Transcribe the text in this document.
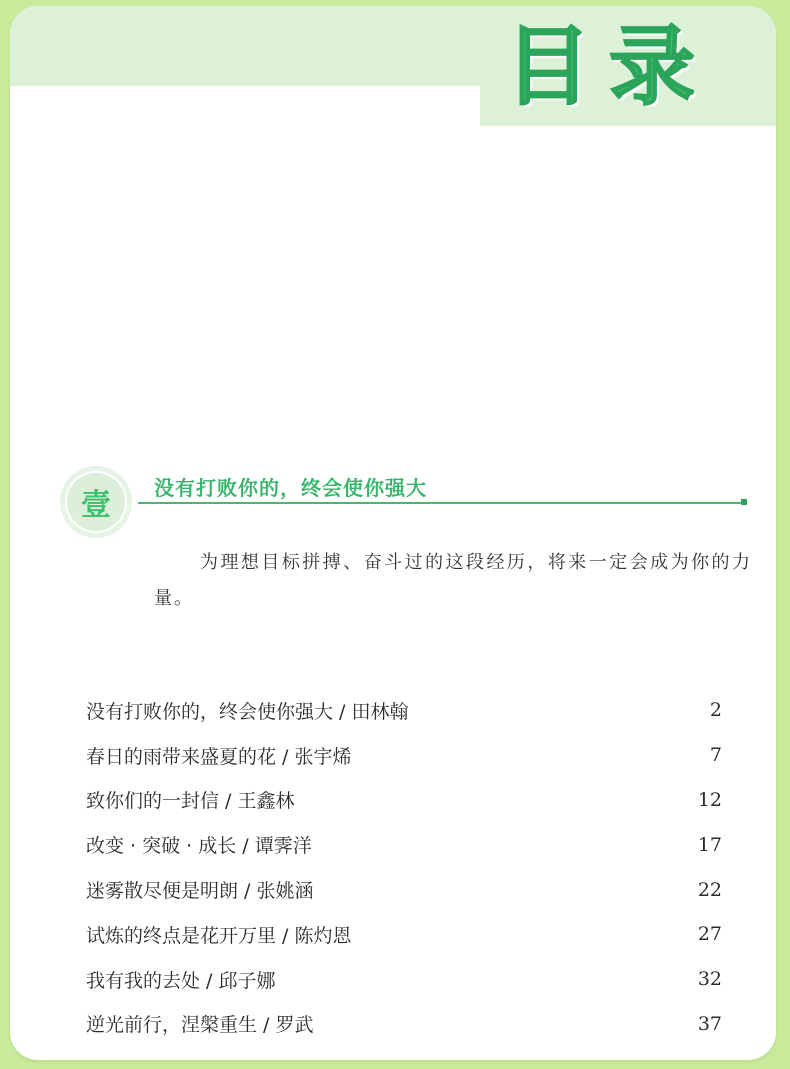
目录
壹	没有打败你的，终会使你强大
为理想目标拼搏、奋斗过的这段经历，将来一定会成为你的力量。
没有打败你的，终会使你强大 / 田林翰	2
春日的雨带来盛夏的花 / 张宇烯	7
致你们的一封信 / 王鑫林	12
改变 · 突破 · 成长 / 谭霁洋	17
迷雾散尽便是明朗 / 张姚涵	22
试炼的终点是花开万里 / 陈灼恩	27
我有我的去处 / 邱子娜	32
逆光前行，涅槃重生 / 罗武	37
